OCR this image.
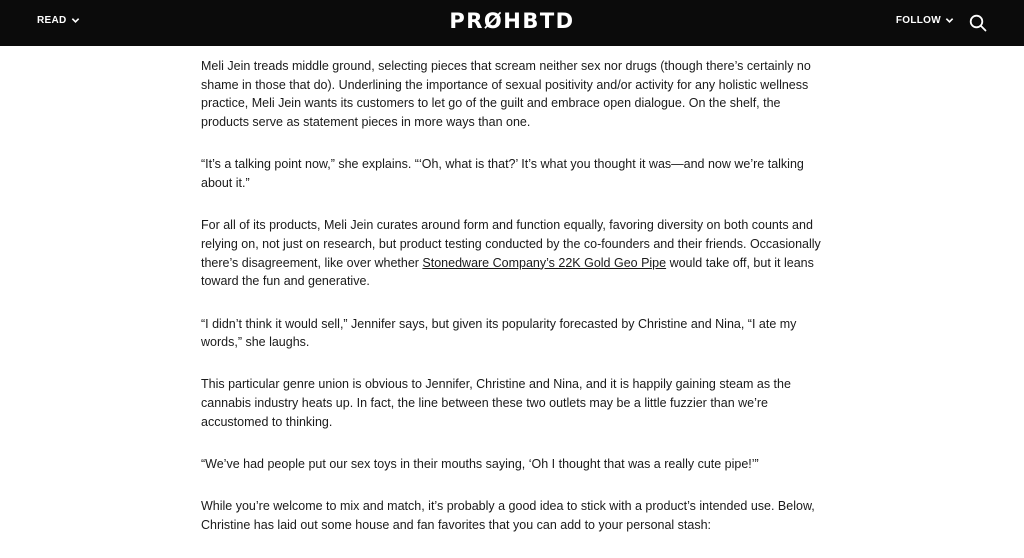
READ	PRØHBTD	FOLLOW

Meli Jein treads middle ground, selecting pieces that scream neither sex nor drugs (though there’s certainly no shame in those that do). Underlining the importance of sexual positivity and/or activity for any holistic wellness practice, Meli Jein wants its customers to let go of the guilt and embrace open dialogue. On the shelf, the products serve as statement pieces in more ways than one.

“It’s a talking point now,” she explains. “‘Oh, what is that?’ It’s what you thought it was—and now we’re talking about it.”

For all of its products, Meli Jein curates around form and function equally, favoring diversity on both counts and relying on, not just on research, but product testing conducted by the co-founders and their friends. Occasionally there’s disagreement, like over whether Stonedware Company’s 22K Gold Geo Pipe would take off, but it leans toward the fun and generative.

“I didn’t think it would sell,” Jennifer says, but given its popularity forecasted by Christine and Nina, “I ate my words,” she laughs.

This particular genre union is obvious to Jennifer, Christine and Nina, and it is happily gaining steam as the cannabis industry heats up. In fact, the line between these two outlets may be a little fuzzier than we’re accustomed to thinking.

“We’ve had people put our sex toys in their mouths saying, ‘Oh I thought that was a really cute pipe!’”

While you’re welcome to mix and match, it’s probably a good idea to stick with a product’s intended use. Below, Christine has laid out some house and fan favorites that you can add to your personal stash:
